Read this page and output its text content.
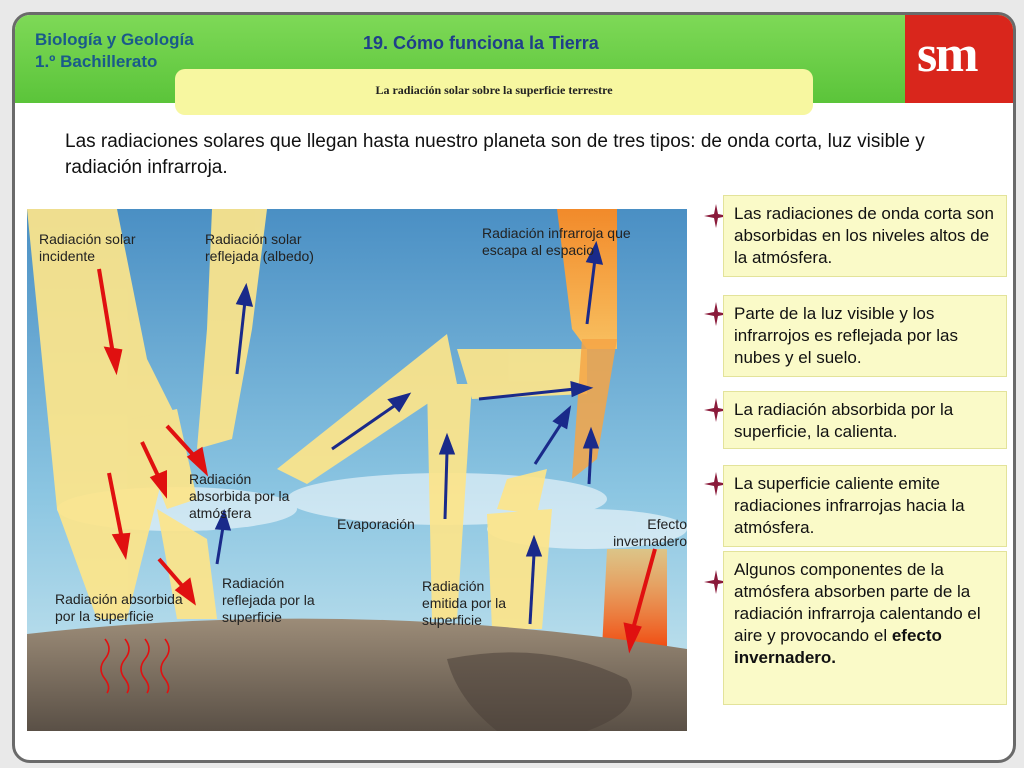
Biología y Geología
1.º Bachillerato
19. Cómo funciona la Tierra	sm
La radiación solar sobre la superficie terrestre
Las radiaciones solares que llegan hasta nuestro planeta son de tres tipos: de onda corta, luz visible y radiación infrarroja.
Radiación solar incidente
Radiación solar reflejada (albedo)
Radiación infrarroja que escapa al espacio
Radiación absorbida por la atmósfera
Evaporación	Efecto invernadero
Radiación absorbida por la superficie
Radiación reflejada por la superficie
Radiación emitida por la superficie
Las radiaciones de onda corta son absorbidas en los niveles altos de la atmósfera.
Parte de la luz visible y los infrarrojos es reflejada por las nubes y el suelo.
La radiación absorbida por la superficie, la calienta.
La superficie caliente emite radiaciones infrarrojas hacia la atmósfera.
Algunos componentes de la atmósfera absorben parte de la radiación infrarroja calentando el aire y provocando el efecto invernadero.
